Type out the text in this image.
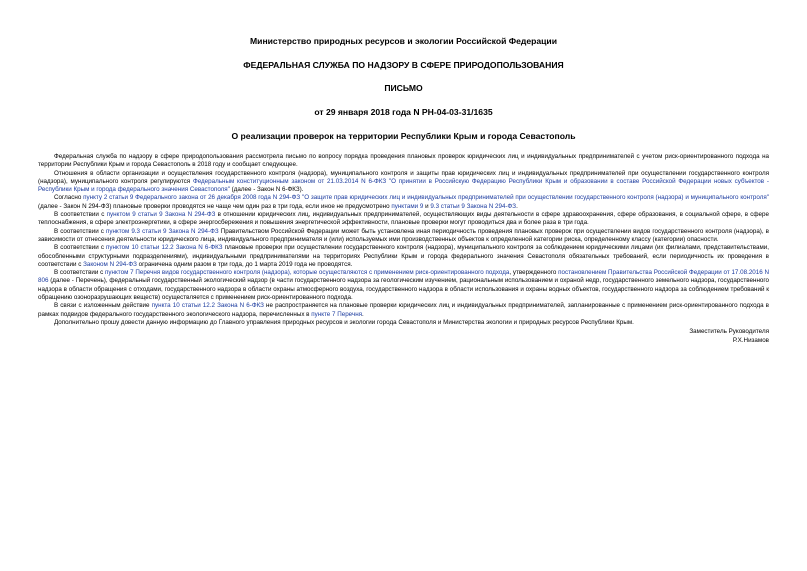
Министерство природных ресурсов и экологии Российской Федерации
ФЕДЕРАЛЬНАЯ СЛУЖБА ПО НАДЗОРУ В СФЕРЕ ПРИРОДОПОЛЬЗОВАНИЯ
ПИСЬМО
от 29 января 2018 года N РН-04-03-31/1635
О реализации проверок на территории Республики Крым и города Севастополь

Федеральная служба по надзору в сфере природопользования рассмотрела письмо по вопросу порядка проведения плановых проверок юридических лиц и индивидуальных предпринимателей с учетом риск-ориентированного подхода на территории Республики Крым и города Севастополь в 2018 году и сообщает следующее.

Отношения в области организации и осуществления государственного контроля (надзора), муниципального контроля и защиты прав юридических лиц и индивидуальных предпринимателей при осуществлении государственного контроля (надзора), муниципального контроля регулируются Федеральным конституционным законом от 21.03.2014 N 6-ФКЗ "О принятии в Российскую Федерацию Республики Крым и образовании в составе Российской Федерации новых субъектов - Республики Крым и города федерального значения Севастополя" (далее - Закон N 6-ФКЗ).

Согласно пункту 2 статьи 9 Федерального закона от 26 декабря 2008 года N 294-ФЗ "О защите прав юридических лиц и индивидуальных предпринимателей при осуществлении государственного контроля (надзора) и муниципального контроля" (далее - Закон N 294-ФЗ) плановые проверки проводятся не чаще чем один раз в три года, если иное не предусмотрено пунктами 9 и 9.3 статьи 9 Закона N 294-ФЗ.

В соответствии с пунктом 9 статьи 9 Закона N 294-ФЗ в отношении юридических лиц, индивидуальных предпринимателей, осуществляющих виды деятельности в сфере здравоохранения, сфере образования, в социальной сфере, в сфере теплоснабжения, в сфере электроэнергетики, в сфере энергосбережения и повышения энергетической эффективности, плановые проверки могут проводиться два и более раза в три года.

В соответствии с пунктом 9.3 статьи 9 Закона N 294-ФЗ Правительством Российской Федерации может быть установлена иная периодичность проведения плановых проверок при осуществлении видов государственного контроля (надзора), в зависимости от отнесения деятельности юридического лица, индивидуального предпринимателя и (или) используемых ими производственных объектов к определенной категории риска, определенному классу (категории) опасности.

В соответствии с пунктом 10 статьи 12.2 Закона N 6-ФКЗ плановые проверки при осуществлении государственного контроля (надзора), муниципального контроля за соблюдением юридическими лицами (их филиалами, представительствами, обособленными структурными подразделениями), индивидуальными предпринимателями на территориях Республики Крым и города федерального значения Севастополя обязательных требований, если периодичность их проведения в соответствии с Законом N 294-ФЗ ограничена одним разом в три года, до 1 марта 2019 года не проводятся.

В соответствии с пунктом 7 Перечня видов государственного контроля (надзора), которые осуществляются с применением риск-ориентированного подхода, утвержденного постановлением Правительства Российской Федерации от 17.08.2016 N 806 (далее - Перечень), федеральный государственный экологический надзор (в части государственного надзора за геологическим изучением, рациональным использованием и охраной недр, государственного земельного надзора, государственного надзора в области обращения с отходами, государственного надзора в области охраны атмосферного воздуха, государственного надзора в области использования и охраны водных объектов, государственного надзора за соблюдением требований к обращению озоноразрушающих веществ) осуществляется с применением риск-ориентированного подхода.

В связи с изложенным действие пункта 10 статьи 12.2 Закона N 6-ФКЗ не распространяется на плановые проверки юридических лиц и индивидуальных предпринимателей, запланированные с применением риск-ориентированного подхода в рамках подвидов федерального государственного экологического надзора, перечисленных в пункте 7 Перечня.

Дополнительно прошу довести данную информацию до Главного управления природных ресурсов и экологии города Севастополя и Министерства экологии и природных ресурсов Республики Крым.

Заместитель Руководителя
Р.Х.Низамов
